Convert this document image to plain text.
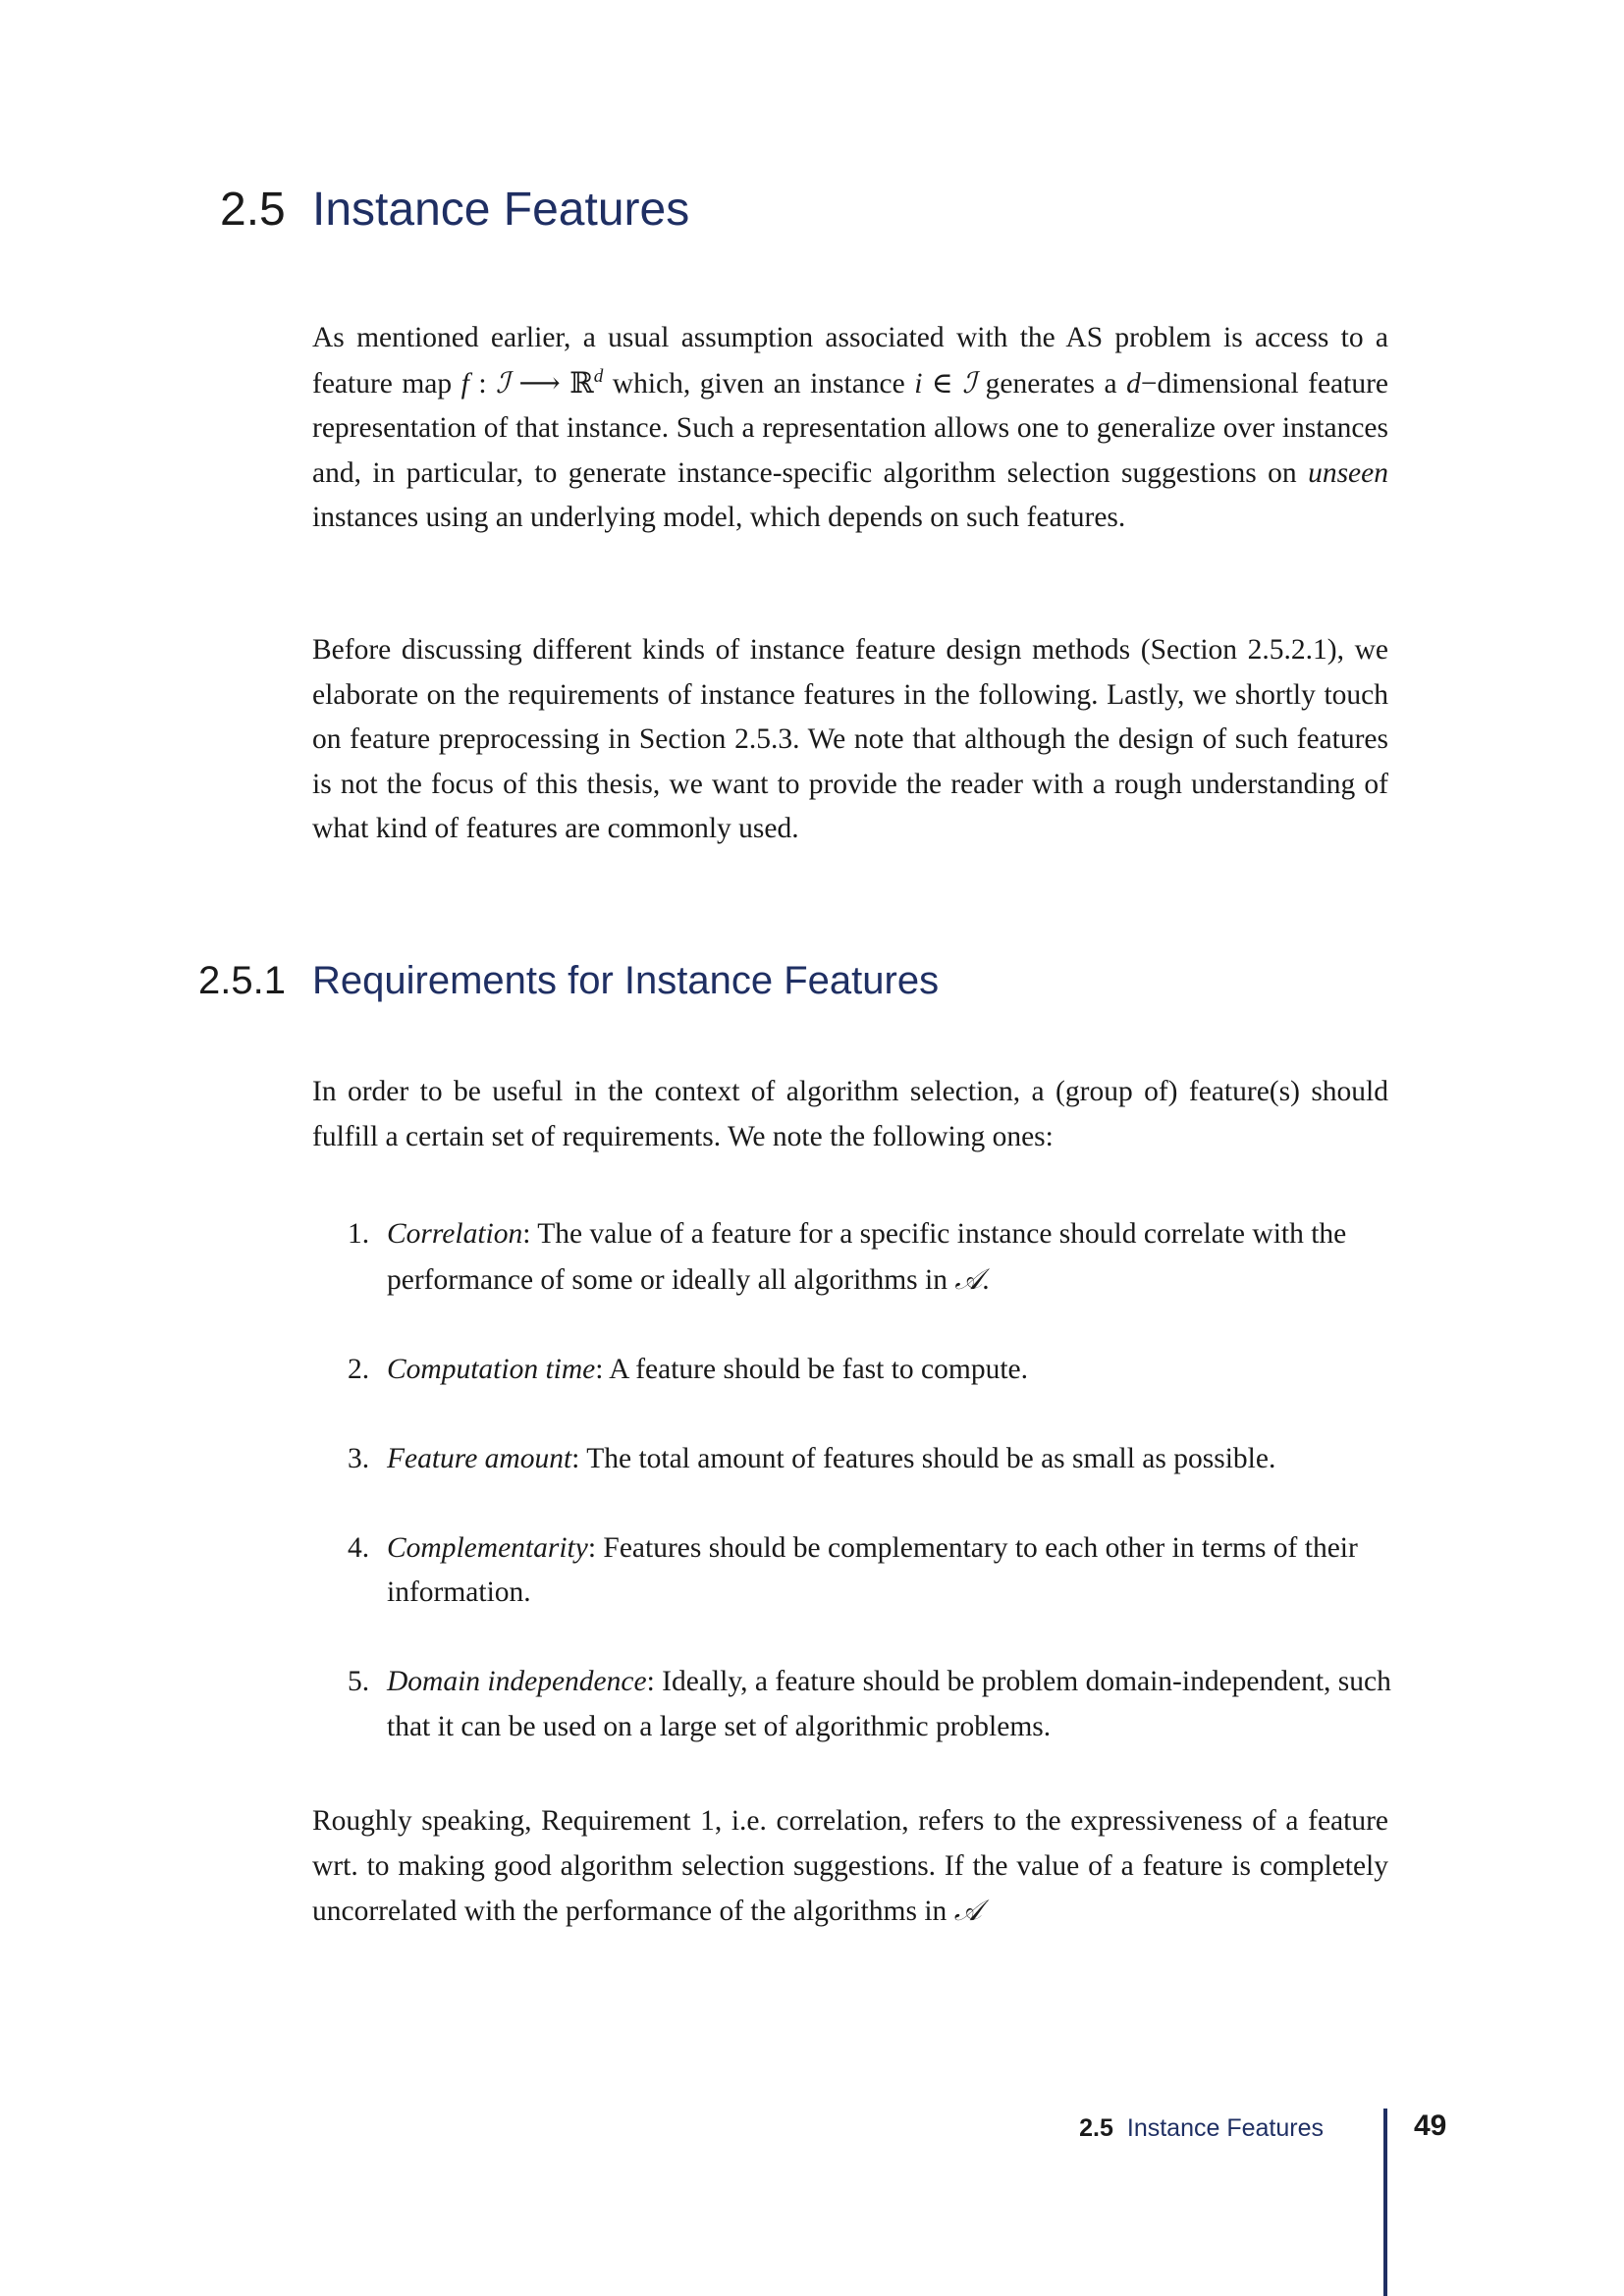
2.5 Instance Features

As mentioned earlier, a usual assumption associated with the AS problem is access to a feature map f : ℐ ⟶ ℝ$^d$ which, given an instance i ∈ ℐ generates a d−dimensional feature representation of that instance. Such a representation allows one to generalize over instances and, in particular, to generate instance-specific algorithm selection suggestions on unseen instances using an underlying model, which depends on such features.

Before discussing different kinds of instance feature design methods (Section 2.5.2.1), we elaborate on the requirements of instance features in the following. Lastly, we shortly touch on feature preprocessing in Section 2.5.3. We note that although the design of such features is not the focus of this thesis, we want to provide the reader with a rough understanding of what kind of features are commonly used.

2.5.1 Requirements for Instance Features

In order to be useful in the context of algorithm selection, a (group of) feature(s) should fulfill a certain set of requirements. We note the following ones:

1. Correlation: The value of a feature for a specific instance should correlate with the performance of some or ideally all algorithms in 𝒜.
2. Computation time: A feature should be fast to compute.
3. Feature amount: The total amount of features should be as small as possible.
4. Complementarity: Features should be complementary to each other in terms of their information.
5. Domain independence: Ideally, a feature should be problem domain-independent, such that it can be used on a large set of algorithmic problems.

Roughly speaking, Requirement 1, i.e. correlation, refers to the expressiveness of a feature wrt. to making good algorithm selection suggestions. If the value of a feature is completely uncorrelated with the performance of the algorithms in 𝒜

2.5 Instance Features	49
